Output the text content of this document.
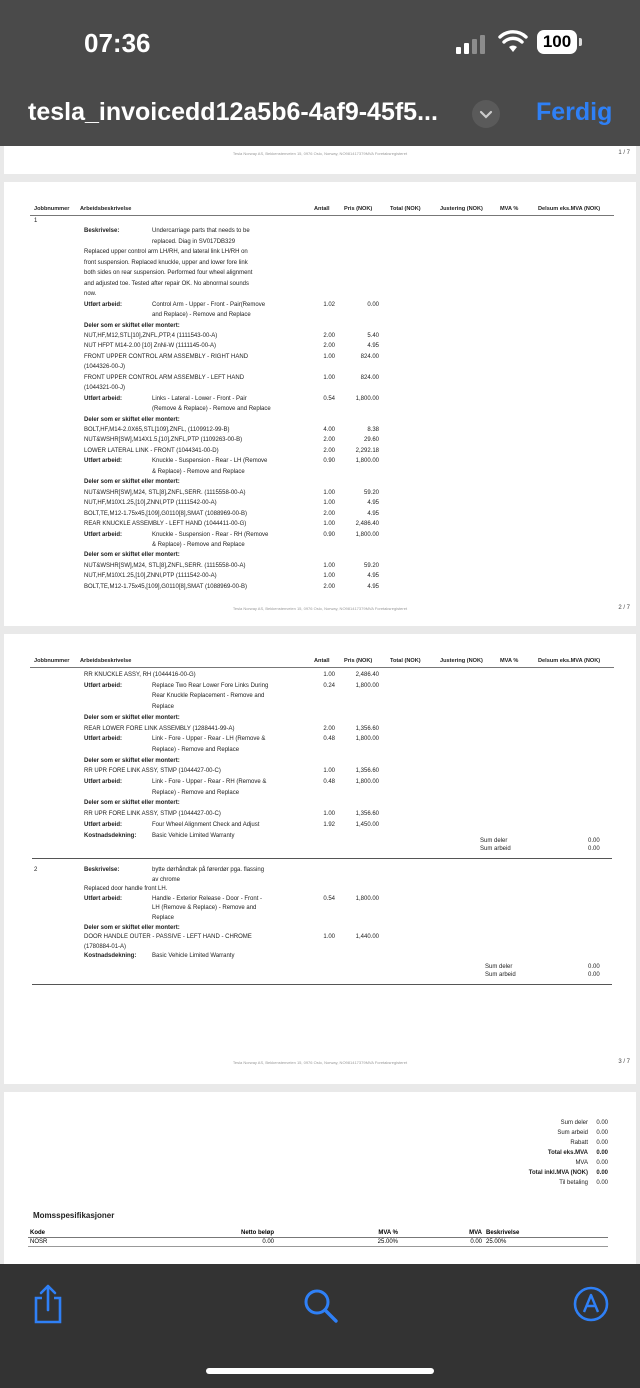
07:36	100
tesla_invoicedd12a5b6-4af9-45f5...	Ferdig
Tesla Norway AS, Bekkenstenveien 15, 0976 Oslo, Norway, NO981417379MVA Foretaksregisteret	1 / 7
Jobbnummer Arbeidsbeskrivelse	Antall	Pris (NOK)	Total (NOK)	Justering (NOK)	MVA %	Delsum eks.MVA (NOK)
1
Beskrivelse:	Undercarriage parts that needs to be
replaced. Diag in SV017DB329
Replaced upper control arm LH/RH, and lateral link LH/RH on
front suspension. Replaced knuckle, upper and lower fore link
both sides on rear suspension. Performed four wheel alignment
and adjusted toe. Tested after repair OK. No abnormal sounds
now.
Utført arbeid:	Control Arm - Upper - Front - Pair(Remove	1.02	0.00
and Replace) - Remove and Replace
Deler som er skiftet eller montert:
NUT,HF,M12,STL[10],ZNFL,PTP,4 (1111543-00-A)	2.00	5.40
NUT HFPT M14-2.00 [10] ZnNi-W (1111145-00-A)	2.00	4.95
FRONT UPPER CONTROL ARM ASSEMBLY - RIGHT HAND	1.00	824.00
(1044326-00-J)
FRONT UPPER CONTROL ARM ASSEMBLY - LEFT HAND	1.00	824.00
(1044321-00-J)
Utført arbeid:	Links - Lateral - Lower - Front - Pair	0.54	1,800.00
(Remove & Replace) - Remove and Replace
Deler som er skiftet eller montert:
BOLT,HF,M14-2.0X65,STL[109],ZNFL, (1109912-99-B)	4.00	8.38
NUT&WSHR[SW],M14X1.5,[10],ZNFL,PTP (1109263-00-B)	2.00	29.60
LOWER LATERAL LINK - FRONT (1044341-00-D)	2.00	2,292.18
Utført arbeid:	Knuckle - Suspension - Rear - LH (Remove	0.90	1,800.00
& Replace) - Remove and Replace
Deler som er skiftet eller montert:
NUT&WSHR[SW],M24, STL[8],ZNFL,SERR. (1115558-00-A)	1.00	59.20
NUT,HF,M10X1.25,[10],ZNNI,PTP (1111542-00-A)	1.00	4.95
BOLT,TE,M12-1.75x45,[109],G0110[8],SMAT (1088969-00-B)	2.00	4.95
REAR KNUCKLE ASSEMBLY - LEFT HAND (1044411-00-G)	1.00	2,486.40
Utført arbeid:	Knuckle - Suspension - Rear - RH (Remove	0.90	1,800.00
& Replace) - Remove and Replace
Deler som er skiftet eller montert:
NUT&WSHR[SW],M24, STL[8],ZNFL,SERR. (1115558-00-A)	1.00	59.20
NUT,HF,M10X1.25,[10],ZNNI,PTP (1111542-00-A)	1.00	4.95
BOLT,TE,M12-1.75x45,[109],G0110[8],SMAT (1088969-00-B)	2.00	4.95
Tesla Norway AS, Bekkenstenveien 15, 0976 Oslo, Norway, NO981417379MVA Foretaksregisteret	2 / 7
Jobbnummer Arbeidsbeskrivelse	Antall	Pris (NOK)	Total (NOK)	Justering (NOK)	MVA %	Delsum eks.MVA (NOK)
RR KNUCKLE ASSY, RH (1044416-00-G)	1.00	2,486.40
Utført arbeid:	Replace Two Rear Lower Fore Links During	0.24	1,800.00
Rear Knuckle Replacement - Remove and
Replace
Deler som er skiftet eller montert:
REAR LOWER FORE LINK ASSEMBLY (1288441-99-A)	2.00	1,356.60
Utført arbeid:	Link - Fore - Upper - Rear - LH (Remove &	0.48	1,800.00
Replace) - Remove and Replace
Deler som er skiftet eller montert:
RR UPR FORE LINK ASSY, STMP (1044427-00-C)	1.00	1,356.60
Utført arbeid:	Link - Fore - Upper - Rear - RH (Remove &	0.48	1,800.00
Replace) - Remove and Replace
Deler som er skiftet eller montert:
RR UPR FORE LINK ASSY, STMP (1044427-00-C)	1.00	1,356.60
Utført arbeid:	Four Wheel Alignment Check and Adjust	1.92	1,450.00
Kostnadsdekning:	Basic Vehicle Limited Warranty
Sum deler	0.00
Sum arbeid	0.00
2	Beskrivelse:	bytte dørhåndtak på førerdør pga. flassing
av chrome
Replaced door handle front LH.
Utført arbeid:	Handle - Exterior Release - Door - Front -	0.54	1,800.00
LH (Remove & Replace) - Remove and
Replace
Deler som er skiftet eller montert:
DOOR HANDLE OUTER - PASSIVE - LEFT HAND - CHROME	1.00	1,440.00
(1780884-01-A)
Kostnadsdekning:	Basic Vehicle Limited Warranty
Sum deler	0.00
Sum arbeid	0.00
Tesla Norway AS, Bekkenstenveien 15, 0976 Oslo, Norway, NO981417379MVA Foretaksregisteret	3 / 7
Sum deler 0.00
Sum arbeid 0.00
Rabatt 0.00
Total eks.MVA 0.00
MVA 0.00
Total inkl.MVA (NOK) 0.00
Til betaling 0.00
Momsspesifikasjoner
Kode	Netto beløp	MVA %	MVA	Beskrivelse
NOSR	0.00	25.00%	0.00	25.00%
